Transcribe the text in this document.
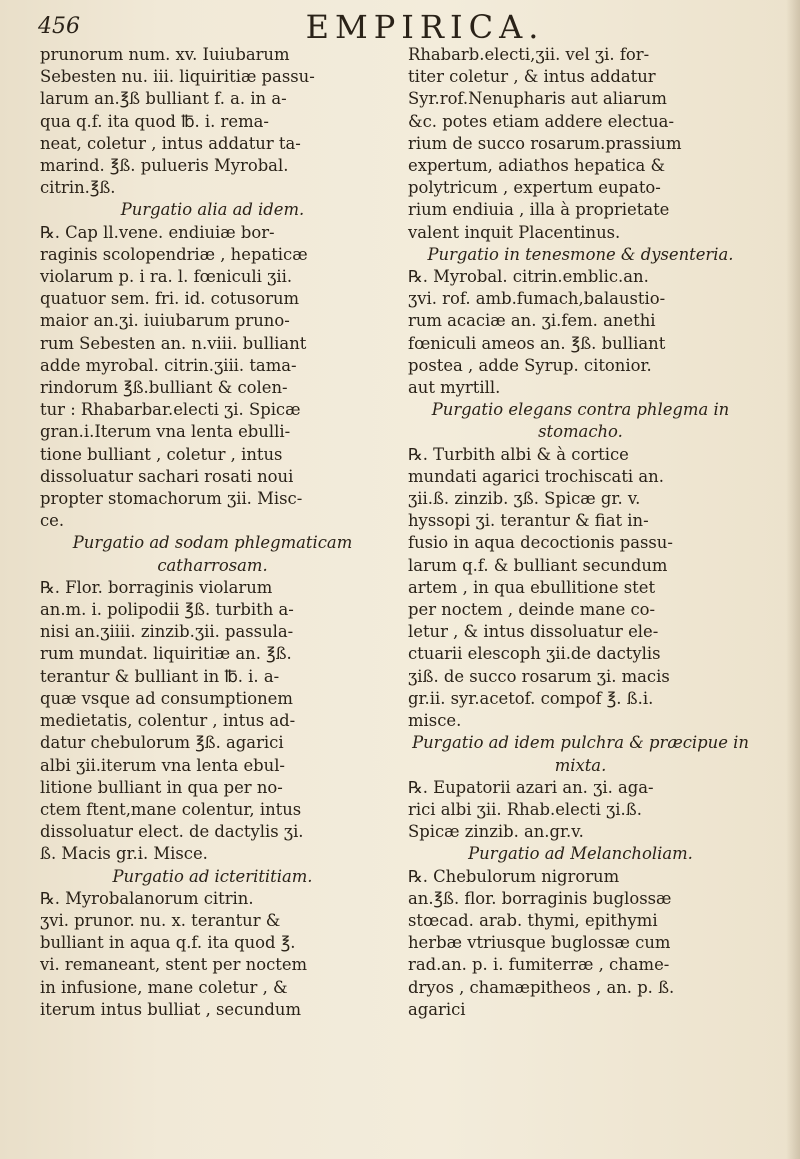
456	EMPIRICA.

prunorum num. xv. Iuiubarum

Sebesten nu. iii. liquiritiæ passu-

larum an.℥ß bulliant f. a. in a-

qua q.f. ita quod ℔. i. rema-

neat, coletur , intus addatur ta-

marind. ℥ß. pulueris Myrobal.

citrin.℥ß.

Purgatio alia ad idem.

℞. Cap ll.vene. endiuiæ bor-

raginis scolopendriæ , hepaticæ

violarum p. i ra. l. fœniculi ʒii.

quatuor sem. fri. id. cotusorum

maior an.ʒi. iuiubarum pruno-

rum Sebesten an. n.viii. bulliant

adde myrobal. citrin.ʒiii. tama-

rindorum ℥ß.bulliant & colen-

tur : Rhabarbar.electi ʒi. Spicæ

gran.i.Iterum vna lenta ebulli-

tione bulliant , coletur , intus

dissoluatur sachari rosati noui

propter stomachorum ʒii. Misc-

ce.

Purgatio ad sodam phlegmaticam catharrosam.

℞. Flor. borraginis violarum

an.m. i. polipodii ℥ß. turbith a-

nisi an.ʒiiii. zinzib.ʒii. passula-

rum mundat. liquiritiæ an. ℥ß.

terantur & bulliant in ℔. i. a-

quæ vsque ad consumptionem

medietatis, colentur , intus ad-

datur chebulorum ℥ß. agarici

albi ʒii.iterum vna lenta ebul-

litione bulliant in qua per no-

ctem ftent,mane colentur, intus

dissoluatur elect. de dactylis ʒi.

ß. Macis gr.i. Misce.

Purgatio ad icterititiam.

℞. Myrobalanorum citrin.

ʒvi. prunor. nu. x. terantur &

bulliant in aqua q.f. ita quod ℥.

vi. remaneant, stent per noctem

in infusione, mane coletur , &

iterum intus bulliat , secundum

Rhabarb.electi,ʒii. vel ʒi. for-

titer coletur , & intus addatur

Syr.rof.Nenupharis aut aliarum

&c. potes etiam addere electua-

rium de succo rosarum.prassium

expertum, adiathos hepatica &

polytricum , expertum eupato-

rium endiuia , illa à proprietate

valent inquit Placentinus.

Purgatio in tenesmone & dysenteria.

℞. Myrobal. citrin.emblic.an.

ʒvi. rof. amb.fumach,balaustio-

rum acaciæ an. ʒi.fem. anethi

fœniculi ameos an. ℥ß. bulliant

postea , adde Syrup. citonior.

aut myrtill.

Purgatio elegans contra phlegma in stomacho.

℞. Turbith albi & à cortice

mundati agarici trochiscati an.

ʒii.ß. zinzib. ʒß. Spicæ gr. v.

hyssopi ʒi. terantur & fiat in-

fusio in aqua decoctionis passu-

larum q.f. & bulliant secundum

artem , in qua ebullitione stet

per noctem , deinde mane co-

letur , & intus dissoluatur ele-

ctuarii elescoph ʒii.de dactylis

ʒiß. de succo rosarum ʒi. macis

gr.ii. syr.acetof. compof ℥. ß.i.

misce.

Purgatio ad idem pulchra & præcipue in mixta.

℞. Eupatorii azari an. ʒi. aga-

rici albi ʒii. Rhab.electi ʒi.ß.

Spicæ zinzib. an.gr.v.

Purgatio ad Melancholiam.

℞. Chebulorum nigrorum

an.℥ß. flor. borraginis buglossæ

stœcad. arab. thymi, epithymi

herbæ vtriusque buglossæ cum

rad.an. p. i. fumiterræ , chame-

dryos , chamæpitheos , an. p. ß.

agarici
